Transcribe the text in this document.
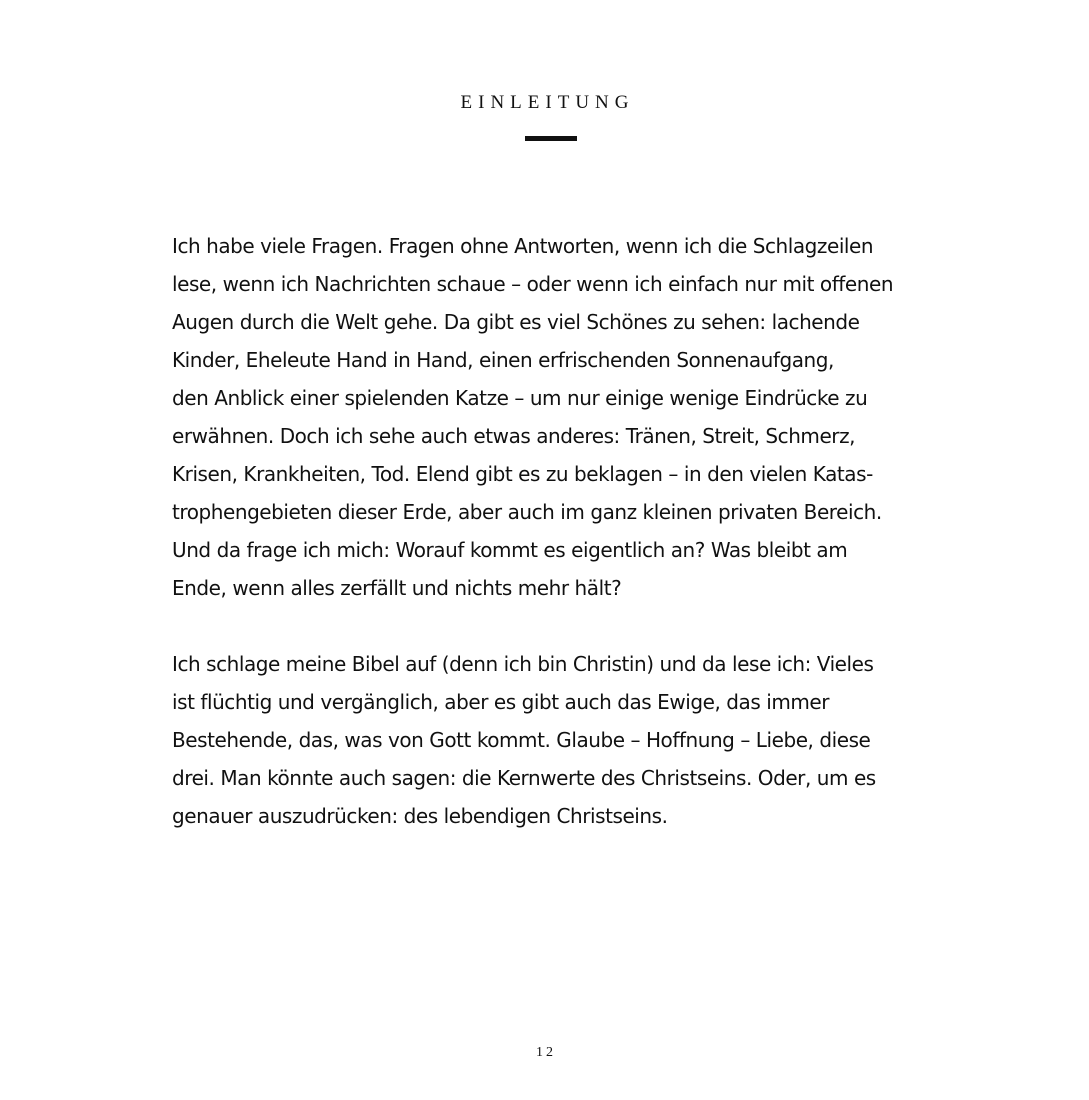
EINLEITUNG

Ich habe viele Fragen. Fragen ohne Antworten, wenn ich die Schlagzeilen
lese, wenn ich Nachrichten schaue – oder wenn ich einfach nur mit offenen
Augen durch die Welt gehe. Da gibt es viel Schönes zu sehen: lachende
Kinder, Eheleute Hand in Hand, einen erfrischenden Sonnenaufgang,
den Anblick einer spielenden Katze – um nur einige wenige Eindrücke zu
erwähnen. Doch ich sehe auch etwas anderes: Tränen, Streit, Schmerz,
Krisen, Krankheiten, Tod. Elend gibt es zu beklagen – in den vielen Katas-
trophengebieten dieser Erde, aber auch im ganz kleinen privaten Bereich.
Und da frage ich mich: Worauf kommt es eigentlich an? Was bleibt am
Ende, wenn alles zerfällt und nichts mehr hält?

Ich schlage meine Bibel auf (denn ich bin Christin) und da lese ich: Vieles
ist flüchtig und vergänglich, aber es gibt auch das Ewige, das immer
Bestehende, das, was von Gott kommt. Glaube – Hoffnung – Liebe, diese
drei. Man könnte auch sagen: die Kernwerte des Christseins. Oder, um es
genauer auszudrücken: des lebendigen Christseins.

12
